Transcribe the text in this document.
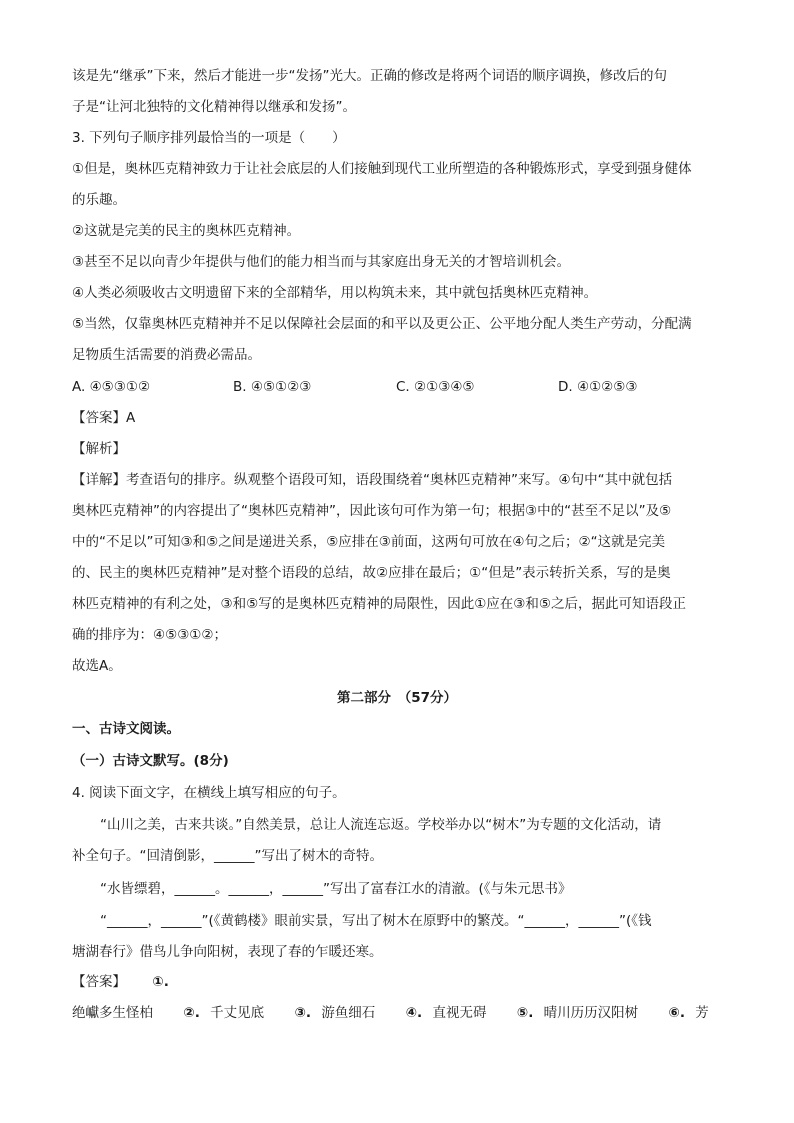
该是先“继承”下来，然后才能进一步“发扬”光大。正确的修改是将两个词语的顺序调换，修改后的句
子是“让河北独特的文化精神得以继承和发扬”。
3. 下列句子顺序排列最恰当的一项是（　　）
①但是，奥林匹克精神致力于让社会底层的人们接触到现代工业所塑造的各种锻炼形式，享受到强身健体
的乐趣。
②这就是完美的民主的奥林匹克精神。
③甚至不足以向青少年提供与他们的能力相当而与其家庭出身无关的才智培训机会。
④人类必须吸收古文明遗留下来的全部精华，用以构筑未来，其中就包括奥林匹克精神。
⑤当然，仅靠奥林匹克精神并不足以保障社会层面的和平以及更公正、公平地分配人类生产劳动，分配满
足物质生活需要的消费必需品。
A. ④⑤③①②	B. ④⑤①②③	C. ②①③④⑤	D. ④①②⑤③
【答案】A
【解析】
【详解】考查语句的排序。纵观整个语段可知，语段围绕着“奥林匹克精神”来写。④句中“其中就包括
奥林匹克精神”的内容提出了“奥林匹克精神”，因此该句可作为第一句；根据③中的“甚至不足以”及⑤
中的“不足以”可知③和⑤之间是递进关系，⑤应排在③前面，这两句可放在④句之后；②“这就是完美
的、民主的奥林匹克精神”是对整个语段的总结，故②应排在最后；①“但是”表示转折关系，写的是奥
林匹克精神的有利之处，③和⑤写的是奥林匹克精神的局限性，因此①应在③和⑤之后，据此可知语段正
确的排序为：④⑤③①②；
故选A。
第二部分　（57分）
一、古诗文阅读。
（一）古诗文默写。(8分)
4. 阅读下面文字，在横线上填写相应的句子。
“山川之美，古来共谈。”自然美景，总让人流连忘返。学校举办以“树木”为专题的文化活动，请
补全句子。“回清倒影，______”写出了树木的奇特。
“水皆缥碧，______。______，______”写出了富春江水的清澈。(《与朱元思书》
“______，______”(《黄鹤楼》眼前实景，写出了树木在原野中的繁茂。“______，______”(《钱
塘湖春行》借鸟儿争向阳树，表现了春的乍暖还寒。
【答案】 ①.
绝巘多生怪柏 ②. 千丈见底 ③. 游鱼细石 ④. 直视无碍 ⑤. 晴川历历汉阳树 ⑥. 芳
